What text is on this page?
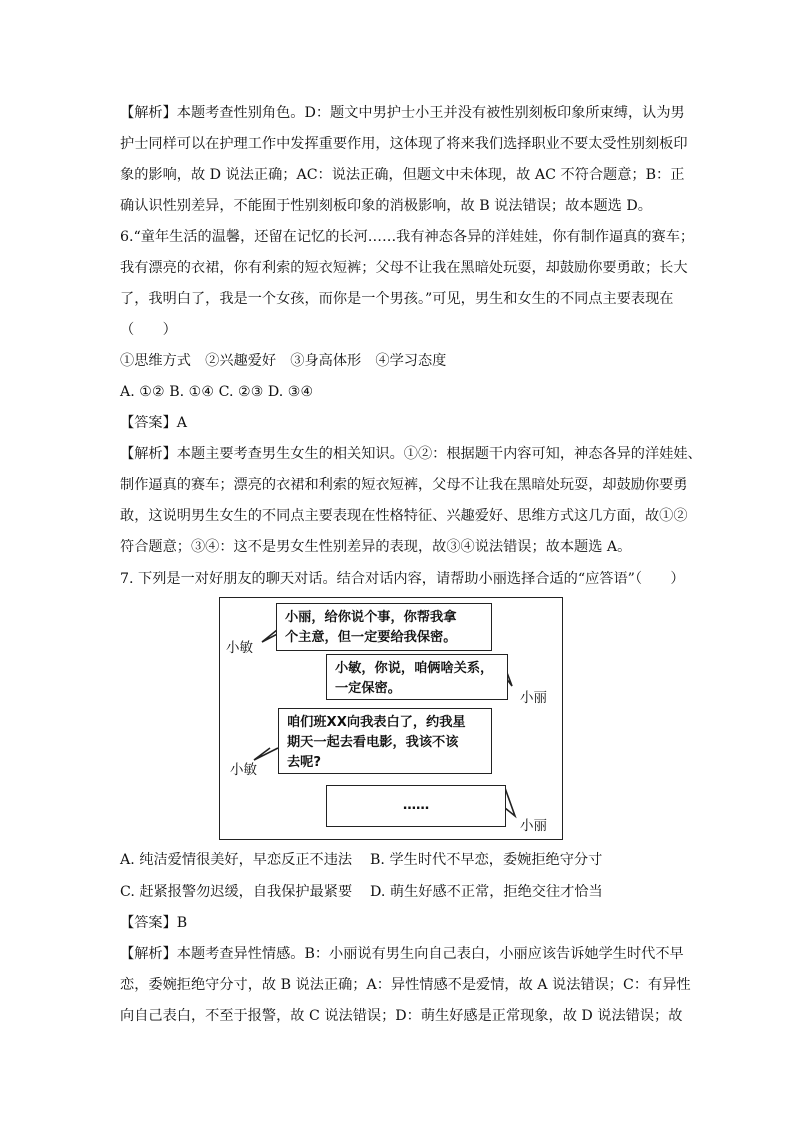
【解析】本题考查性别角色。D：题文中男护士小王并没有被性别刻板印象所束缚，认为男
护士同样可以在护理工作中发挥重要作用，这体现了将来我们选择职业不要太受性别刻板印
象的影响，故 D 说法正确；AC：说法正确，但题文中未体现，故 AC 不符合题意；B：正
确认识性别差异，不能囿于性别刻板印象的消极影响，故 B 说法错误；故本题选 D。
6.“童年生活的温馨，还留在记忆的长河……我有神态各异的洋娃娃，你有制作逼真的赛车；
我有漂亮的衣裙，你有利索的短衣短裤；父母不让我在黑暗处玩耍，却鼓励你要勇敢；长大
了，我明白了，我是一个女孩，而你是一个男孩。”可见，男生和女生的不同点主要表现在
（　　）
①思维方式　②兴趣爱好　③身高体形　④学习态度
A. ①② B. ①④ C. ②③ D. ③④
【答案】A
【解析】本题主要考查男生女生的相关知识。①②：根据题干内容可知，神态各异的洋娃娃、
制作逼真的赛车；漂亮的衣裙和利索的短衣短裤，父母不让我在黑暗处玩耍，却鼓励你要勇
敢，这说明男生女生的不同点主要表现在性格特征、兴趣爱好、思维方式这几方面，故①②
符合题意；③④：这不是男女生性别差异的表现，故③④说法错误；故本题选 A。
7. 下列是一对好朋友的聊天对话。结合对话内容，请帮助小丽选择合适的“应答语”（　　）
小丽，给你说个事，你帮我拿
个主意，但一定要给我保密。
小敏
小敏，你说，咱俩啥关系，
一定保密。
小丽
咱们班XX向我表白了，约我星
期天一起去看电影，我该不该
去呢?
小敏
……
小丽
A. 纯洁爱情很美好，早恋反正不违法 B. 学生时代不早恋，委婉拒绝守分寸
C. 赶紧报警勿迟缓，自我保护最紧要 D. 萌生好感不正常，拒绝交往才恰当
【答案】B
【解析】本题考查异性情感。B：小丽说有男生向自己表白，小丽应该告诉她学生时代不早
恋，委婉拒绝守分寸，故 B 说法正确；A：异性情感不是爱情，故 A 说法错误；C：有异性
向自己表白，不至于报警，故 C 说法错误；D：萌生好感是正常现象，故 D 说法错误；故
